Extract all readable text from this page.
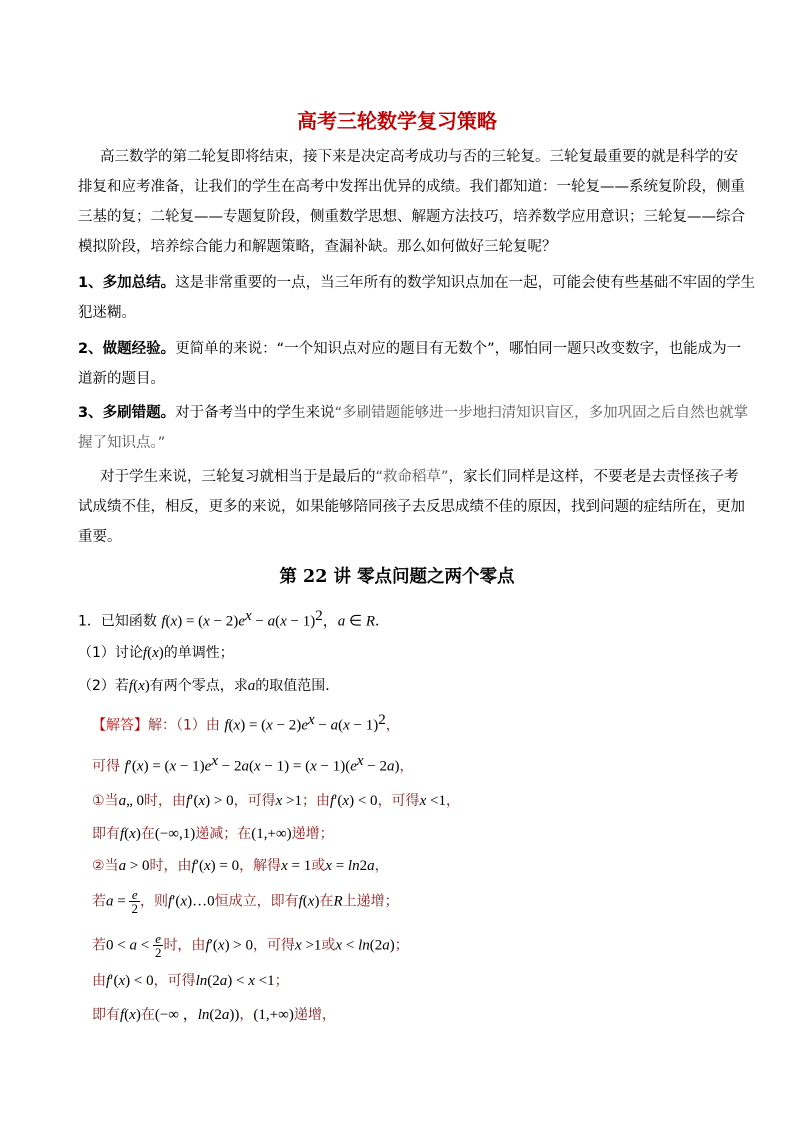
高考三轮数学复习策略
高三数学的第二轮复即将结束，接下来是决定高考成功与否的三轮复。三轮复最重要的就是科学的安
排复和应考准备，让我们的学生在高考中发挥出优异的成绩。我们都知道：一轮复——系统复阶段，侧重
三基的复；二轮复——专题复阶段，侧重数学思想、解题方法技巧，培养数学应用意识；三轮复——综合
模拟阶段，培养综合能力和解题策略，查漏补缺。那么如何做好三轮复呢？
1、多加总结。这是非常重要的一点，当三年所有的数学知识点加在一起，可能会使有些基础不牢固的学生
犯迷糊。
2、做题经验。更简单的来说：“一个知识点对应的题目有无数个”，哪怕同一题只改变数字，也能成为一
道新的题目。
3、多刷错题。对于备考当中的学生来说“多刷错题能够进一步地扫清知识盲区，多加巩固之后自然也就掌
握了知识点。”
对于学生来说，三轮复习就相当于是最后的“救命稻草”，家长们同样是这样，不要老是去责怪孩子考
试成绩不佳，相反，更多的来说，如果能够陪同孩子去反思成绩不佳的原因，找到问题的症结所在，更加
重要。
第 22 讲 零点问题之两个零点
1．已知函数 $f(x) = (x - 2)e^x - a(x - 1)^2$，a ∈ R．
（1）讨论f(x)的单调性；
（2）若f(x)有两个零点，求a的取值范围．
【解答】解：（1）由 $f(x) = (x - 2)e^x - a(x - 1)^2$，
可得 $f'(x) = (x - 1)e^x - 2a(x - 1) = (x - 1)(e^x - 2a)$，
①当a„ 0时，由f′(x) > 0，可得x >1；由f′(x) < 0，可得x <1，
即有f(x)在(−∞,1)递减；在(1,+∞)递增；
②当a > 0时，由f′(x) = 0，解得x = 1或x = ln2a，
若$a = \frac{e}{2}$ ，则f′(x)…0恒成立，即有f(x)在R上递增；
若$0 < a < \frac{e}{2}$ 时，由f′(x) > 0，可得x >1或x < ln(2a)；
由f′(x) < 0，可得ln(2a) < x <1；
即有f(x)在(−∞ ，ln(2a))，(1,+∞)递增，
